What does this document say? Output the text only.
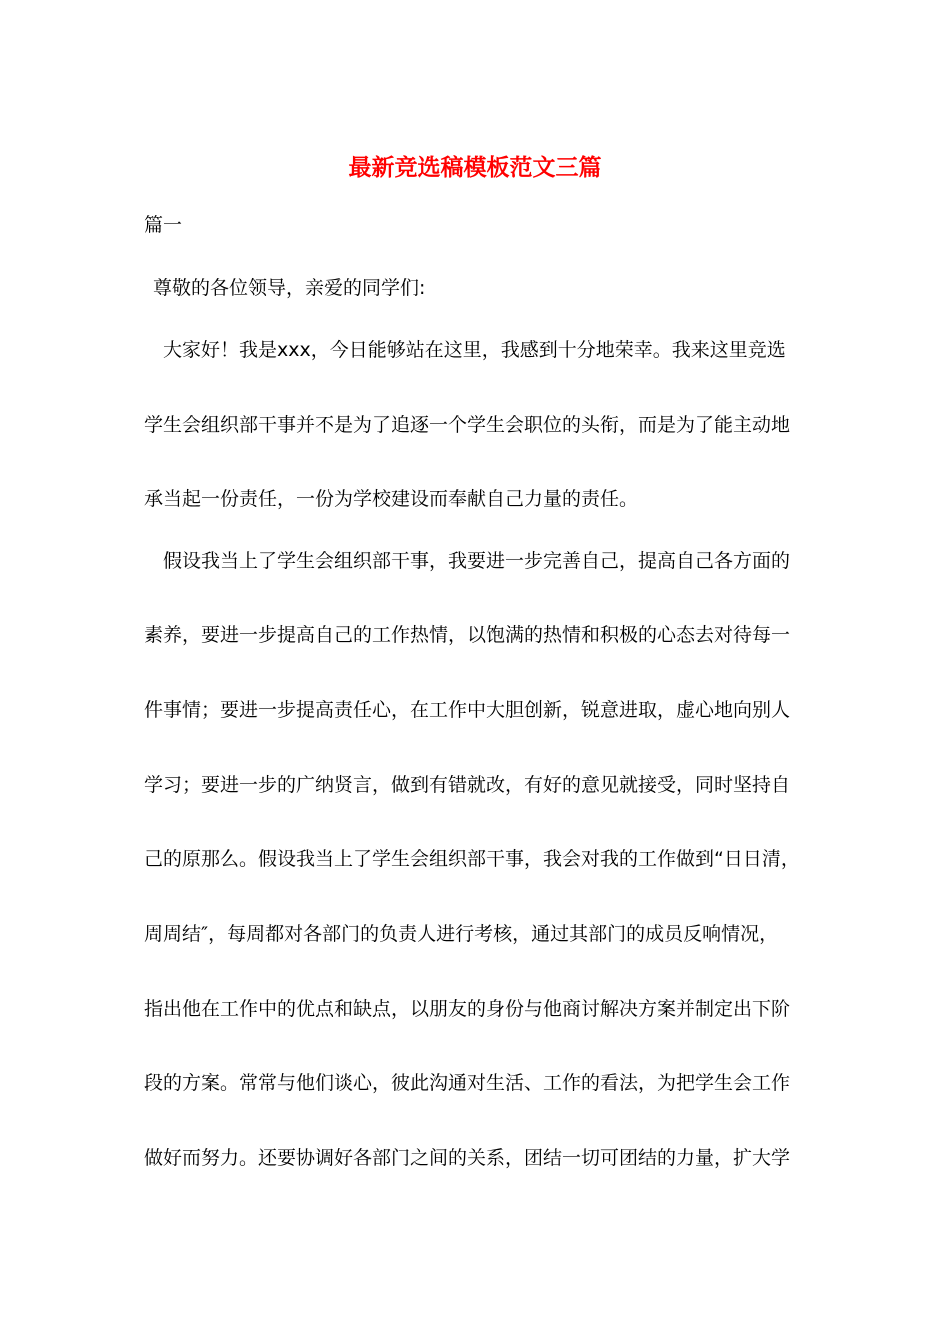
最新竞选稿模板范文三篇
篇一
尊敬的各位领导，亲爱的同学们:
大家好！我是xxx，今日能够站在这里，我感到十分地荣幸。我来这里竞选
学生会组织部干事并不是为了追逐一个学生会职位的头衔，而是为了能主动地
承当起一份责任，一份为学校建设而奉献自己力量的责任。
假设我当上了学生会组织部干事，我要进一步完善自己，提高自己各方面的
素养，要进一步提高自己的工作热情，以饱满的热情和积极的心态去对待每一
件事情；要进一步提高责任心，在工作中大胆创新，锐意进取，虚心地向别人
学习；要进一步的广纳贤言，做到有错就改，有好的意见就接受，同时坚持自
己的原那么。假设我当上了学生会组织部干事，我会对我的工作做到“日日清，
周周结″，每周都对各部门的负责人进行考核，通过其部门的成员反响情况，
指出他在工作中的优点和缺点，以朋友的身份与他商讨解决方案并制定出下阶
段的方案。常常与他们谈心，彼此沟通对生活、工作的看法，为把学生会工作
做好而努力。还要协调好各部门之间的关系，团结一切可团结的力量，扩大学
